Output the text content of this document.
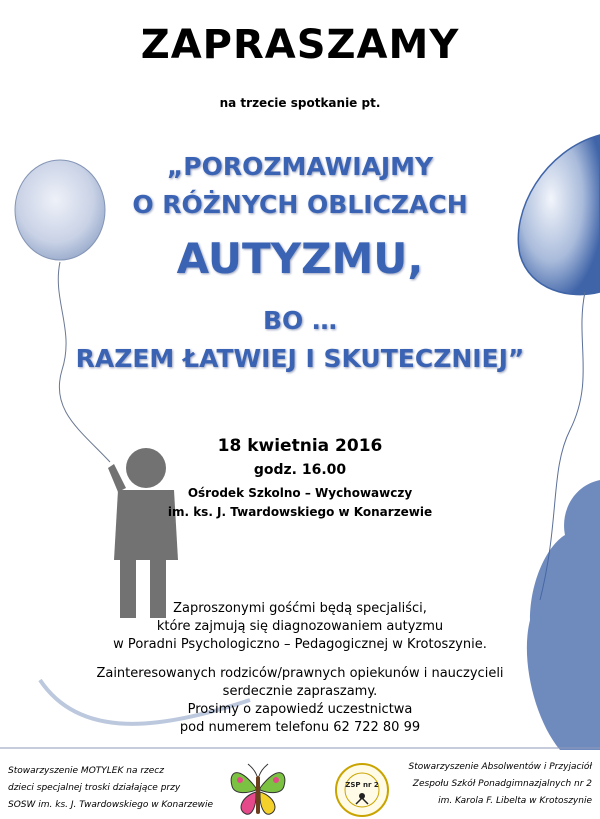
ZAPRASZAMY
na trzecie spotkanie pt.
„POROZMAWIAJMY
O RÓŻNYCH OBLICZACH
AUTYZMU,
BO …
RAZEM ŁATWIEJ I SKUTECZNIEJ”
18 kwietnia 2016
godz. 16.00
Ośrodek Szkolno – Wychowawczy
im. ks. J. Twardowskiego w Konarzewie
Zaproszonymi gośćmi będą specjaliści,
które zajmują się diagnozowaniem autyzmu
w Poradni Psychologiczno – Pedagogicznej w Krotoszynie.
Zainteresowanych rodziców/prawnych opiekunów i nauczycieli
serdecznie zapraszamy.
Prosimy o zapowiedź uczestnictwa
pod numerem telefonu 62 722 80 99
Stowarzyszenie MOTYLEK na rzecz
dzieci specjalnej troski działające przy
SOSW im. ks. J. Twardowskiego w Konarzewie
ZSP nr 2
Stowarzyszenie Absolwentów i Przyjaciół
Zespołu Szkół Ponadgimnazjalnych nr 2
im. Karola F. Libelta w Krotoszynie
